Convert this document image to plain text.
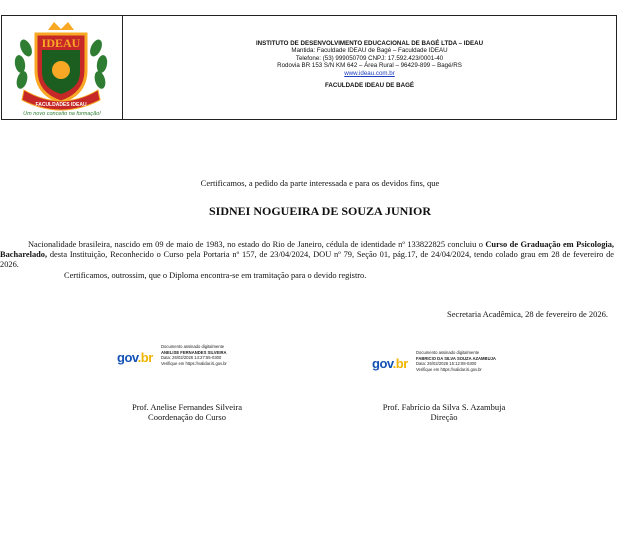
IDEAU
FACULDADES IDEAU
Um novo conceito na formação!
INSTITUTO DE DESENVOLVIMENTO EDUCACIONAL DE BAGÉ LTDA – IDEAU
Mantida: Faculdade IDEAU de Bagé – Faculdade IDEAU
Telefone: (53) 999050709 CNPJ: 17.592.423/0001-40
Rodovia BR 153 S/N KM 642 – Área Rural – 96429-899 – Bagé/RS
www.ideau.com.br
FACULDADE IDEAU DE BAGÉ
Certificamos, a pedido da parte interessada e para os devidos fins, que
SIDNEI NOGUEIRA DE SOUZA JUNIOR

Nacionalidade brasileira, nascido em 09 de maio de 1983, no estado do Rio de Janeiro, cédula de identidade nº 133822825 concluiu o Curso de Graduação em Psicologia, Bacharelado, desta Instituição, Reconhecido o Curso pela Portaria nº 157, de 23/04/2024, DOU nº 79, Seção 01, pág.17, de 24/04/2024, tendo colado grau em 28 de fevereiro de 2026.

Certificamos, outrossim, que o Diploma encontra-se em tramitação para o devido registro.

Secretaria Acadêmica, 28 de fevereiro de 2026.
gov.br
Documento assinado digitalmente
ANELISE FERNANDES SILVEIRA
Data: 26/02/2026 14:27:55-0300
Verifique em https://validar.iti.gov.br	gov.br
Documento assinado digitalmente
FABRICIO DA SILVA SOUZA AZAMBUJA
Data: 26/02/2026 15:12:08-0300
Verifique em https://validar.iti.gov.br
Prof. Anelise Fernandes Silveira
Coordenação do Curso
Prof. Fabrício da Silva S. Azambuja
Direção
